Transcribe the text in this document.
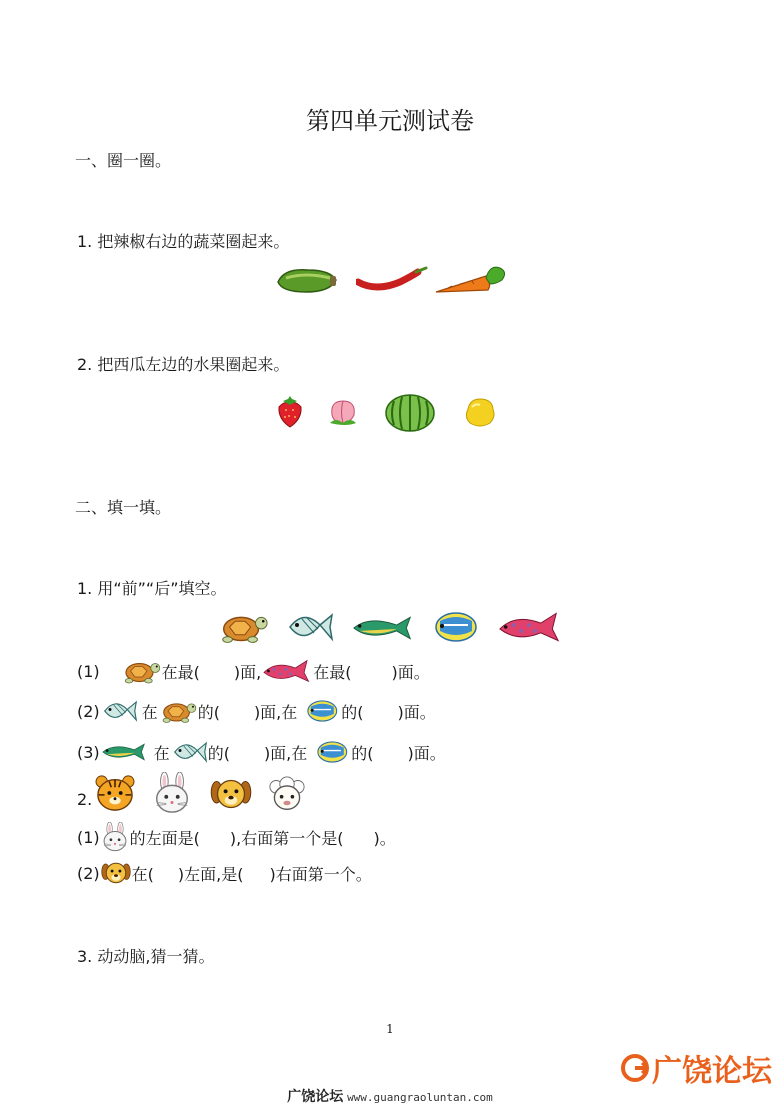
第四单元测试卷
一、圈一圈。
1. 把辣椒右边的蔬菜圈起来。
2. 把西瓜左边的水果圈起来。
二、填一填。
1. 用“前”“后”填空。
(1)	在最( )面,	在最(	)面。
(2)	在	的( )面,在	的( )面。
(3)	在 的( )面,在	的( )面。
2.
(1) 的左面是( ),右面第一个是( )。
(2) 在( )左面,是( )右面第一个。
3. 动动脑,猜一猜。
1
广饶论坛 www.guangraoluntan.com
广饶论坛
